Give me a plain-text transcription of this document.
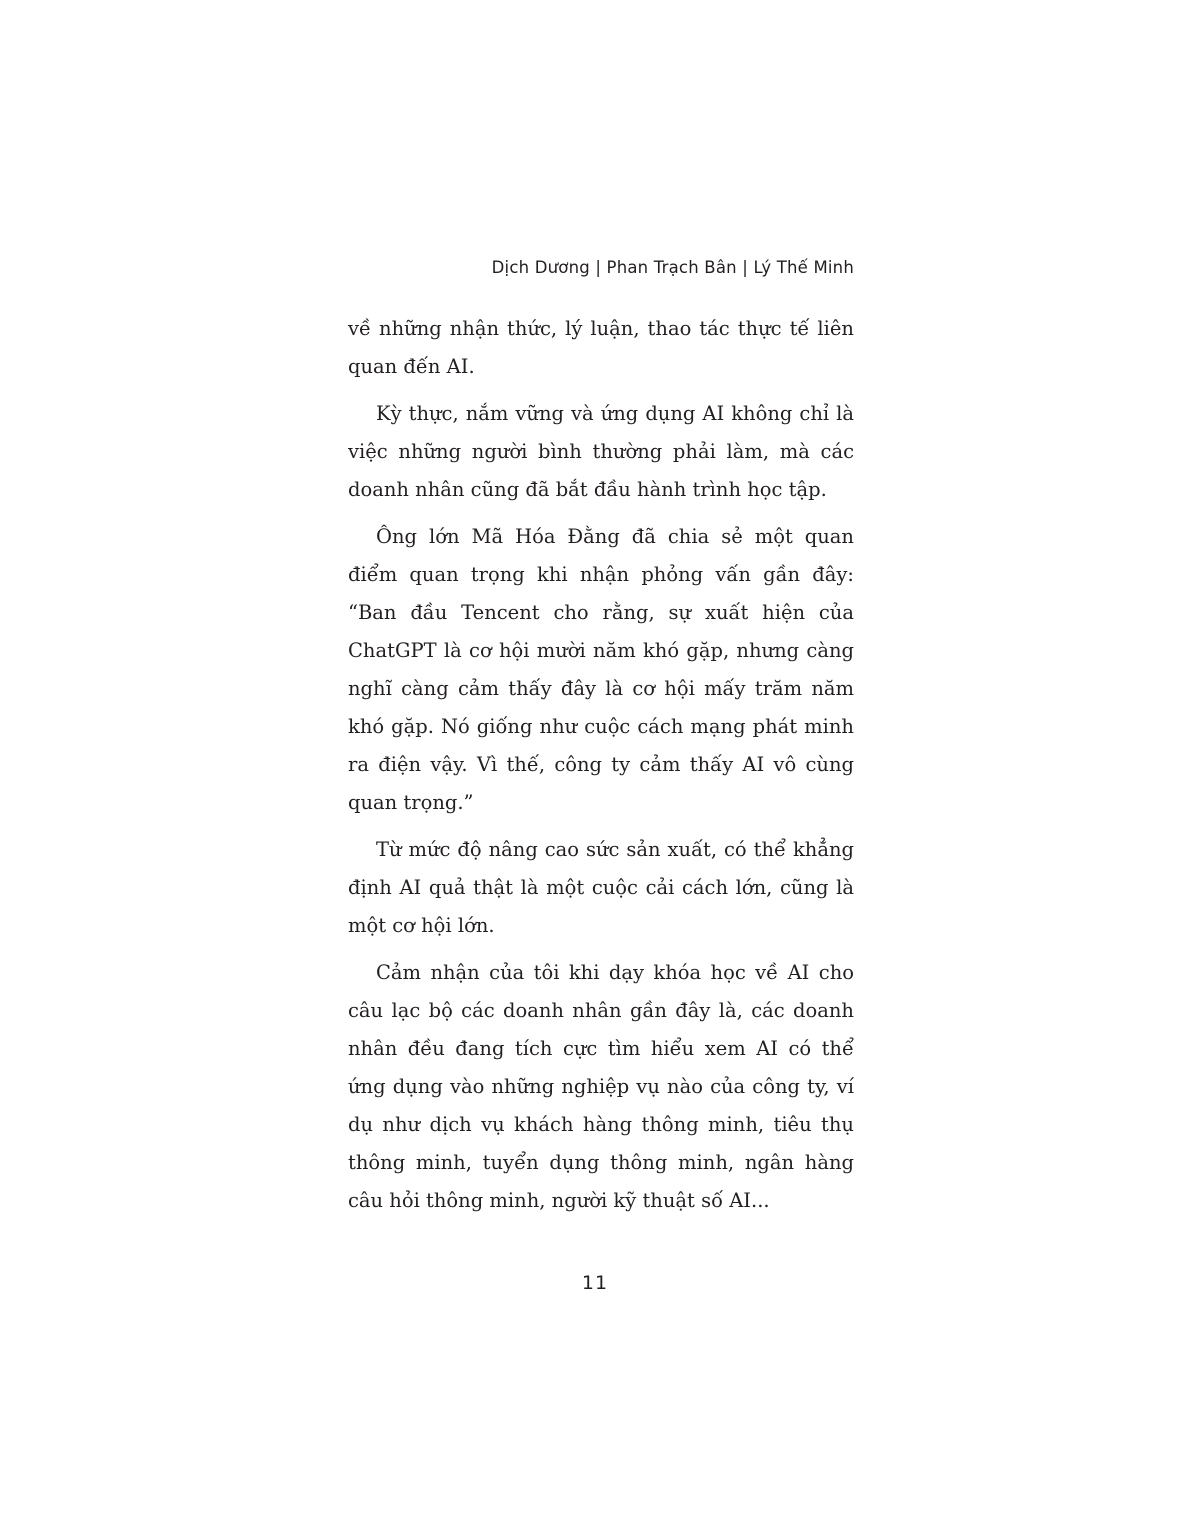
Dịch Dương | Phan Trạch Bân | Lý Thế Minh

về những nhận thức, lý luận, thao tác thực tế liên quan đến AI.

Kỳ thực, nắm vững và ứng dụng AI không chỉ là việc những người bình thường phải làm, mà các doanh nhân cũng đã bắt đầu hành trình học tập.

Ông lớn Mã Hóa Đằng đã chia sẻ một quan điểm quan trọng khi nhận phỏng vấn gần đây: “Ban đầu Tencent cho rằng, sự xuất hiện của ChatGPT là cơ hội mười năm khó gặp, nhưng càng nghĩ càng cảm thấy đây là cơ hội mấy trăm năm khó gặp. Nó giống như cuộc cách mạng phát minh ra điện vậy. Vì thế, công ty cảm thấy AI vô cùng quan trọng.”

Từ mức độ nâng cao sức sản xuất, có thể khẳng định AI quả thật là một cuộc cải cách lớn, cũng là một cơ hội lớn.

Cảm nhận của tôi khi dạy khóa học về AI cho câu lạc bộ các doanh nhân gần đây là, các doanh nhân đều đang tích cực tìm hiểu xem AI có thể ứng dụng vào những nghiệp vụ nào của công ty, ví dụ như dịch vụ khách hàng thông minh, tiêu thụ thông minh, tuyển dụng thông minh, ngân hàng câu hỏi thông minh, người kỹ thuật số AI...

11
